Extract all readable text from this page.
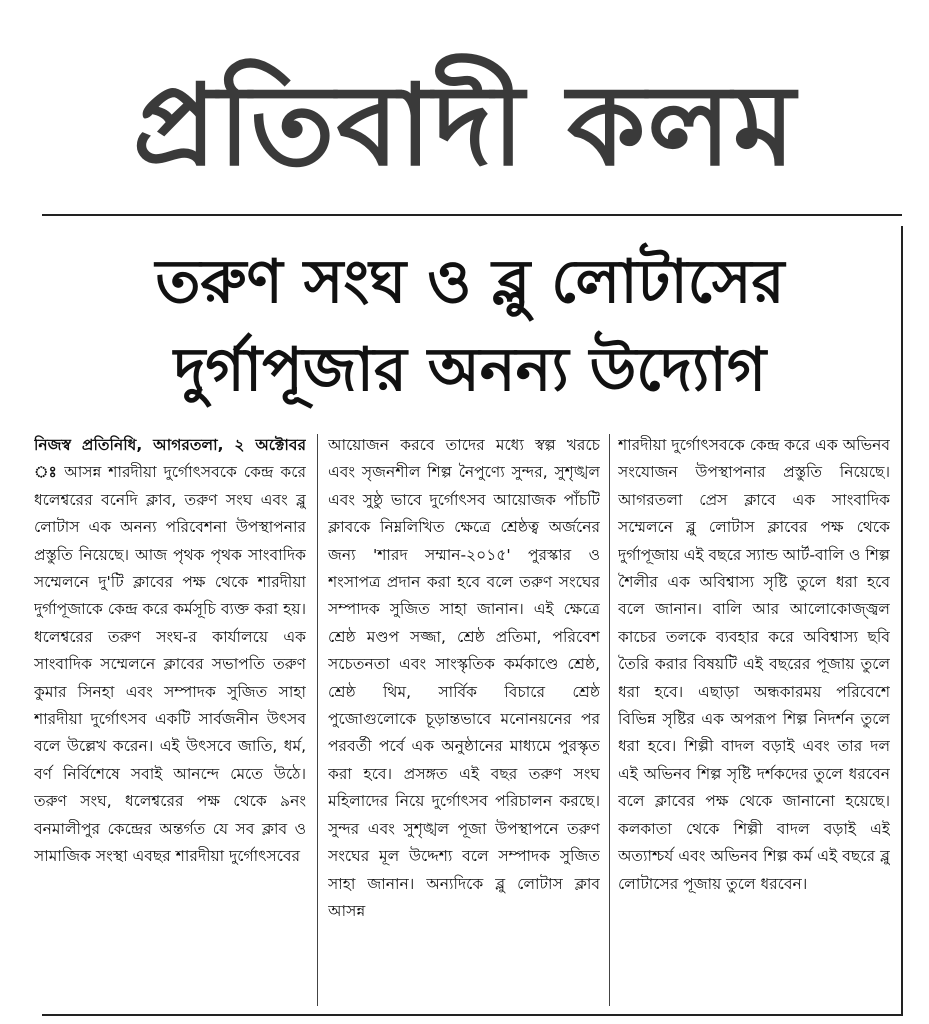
প্রতিবাদী কলম
তরুণ সংঘ ও ব্লু লোটাসের
দুর্গাপূজার অনন্য উদ্যোগ
নিজস্ব প্রতিনিধি, আগরতলা, ২ অক্টোবর ঃ আসন্ন শারদীয়া দুর্গোৎসবকে কেন্দ্র করে ধলেশ্বরের বনেদি ক্লাব, তরুণ সংঘ এবং ব্লু লোটাস এক অনন্য পরিবেশনা উপস্থাপনার প্রস্তুতি নিয়েছে। আজ পৃথক পৃথক সাংবাদিক সম্মেলনে দু'টি ক্লাবের পক্ষ থেকে শারদীয়া দুর্গাপূজাকে কেন্দ্র করে কর্মসূচি ব্যক্ত করা হয়। ধলেশ্বরের তরুণ সংঘ-র কার্যালয়ে এক সাংবাদিক সম্মেলনে ক্লাবের সভাপতি তরুণ কুমার সিনহা এবং সম্পাদক সুজিত সাহা শারদীয়া দুর্গোৎসব একটি সার্বজনীন উৎসব বলে উল্লেখ করেন। এই উৎসবে জাতি, ধর্ম, বর্ণ নির্বিশেষে সবাই আনন্দে মেতে উঠে। তরুণ সংঘ, ধলেশ্বরের পক্ষ থেকে ৯নং বনমালীপুর কেন্দ্রের অন্তর্গত যে সব ক্লাব ও সামাজিক সংস্থা এবছর শারদীয়া দুর্গোৎসবের
আয়োজন করবে তাদের মধ্যে স্বল্প খরচে এবং সৃজনশীল শিল্প নৈপুণ্যে সুন্দর, সুশৃঙ্খল এবং সুষ্ঠু ভাবে দুর্গোৎসব আয়োজক পাঁচটি ক্লাবকে নিম্নলিখিত ক্ষেত্রে শ্রেষ্ঠত্ব অর্জনের জন্য 'শারদ সম্মান-২০১৫' পুরস্কার ও শংসাপত্র প্রদান করা হবে বলে তরুণ সংঘের সম্পাদক সুজিত সাহা জানান। এই ক্ষেত্রে শ্রেষ্ঠ মণ্ডপ সজ্জা, শ্রেষ্ঠ প্রতিমা, পরিবেশ সচেতনতা এবং সাংস্কৃতিক কর্মকাণ্ডে শ্রেষ্ঠ, শ্রেষ্ঠ থিম, সার্বিক বিচারে শ্রেষ্ঠ পুজোগুলোকে চূড়ান্তভাবে মনোনয়নের পর পরবর্তী পর্বে এক অনুষ্ঠানের মাধ্যমে পুরস্কৃত করা হবে। প্রসঙ্গত এই বছর তরুণ সংঘ মহিলাদের নিয়ে দুর্গোৎসব পরিচালন করছে। সুন্দর এবং সুশৃঙ্খল পূজা উপস্থাপনে তরুণ সংঘের মূল উদ্দেশ্য বলে সম্পাদক সুজিত সাহা জানান। অন্যদিকে ব্লু লোটাস ক্লাব আসন্ন
শারদীয়া দুর্গোৎসবকে কেন্দ্র করে এক অভিনব সংযোজন উপস্থাপনার প্রস্তুতি নিয়েছে। আগরতলা প্রেস ক্লাবে এক সাংবাদিক সম্মেলনে ব্লু লোটাস ক্লাবের পক্ষ থেকে দুর্গাপূজায় এই বছরে স্যান্ড আর্ট-বালি ও শিল্প শৈলীর এক অবিশ্বাস্য সৃষ্টি তুলে ধরা হবে বলে জানান। বালি আর আলোকোজ্জ্বল কাচের তলকে ব্যবহার করে অবিশ্বাস্য ছবি তৈরি করার বিষয়টি এই বছরের পূজায় তুলে ধরা হবে। এছাড়া অন্ধকারময় পরিবেশে বিভিন্ন সৃষ্টির এক অপরূপ শিল্প নিদর্শন তুলে ধরা হবে। শিল্পী বাদল বড়াই এবং তার দল এই অভিনব শিল্প সৃষ্টি দর্শকদের তুলে ধরবেন বলে ক্লাবের পক্ষ থেকে জানানো হয়েছে। কলকাতা থেকে শিল্পী বাদল বড়াই এই অত্যাশ্চর্য এবং অভিনব শিল্প কর্ম এই বছরে ব্লু লোটাসের পূজায় তুলে ধরবেন।
